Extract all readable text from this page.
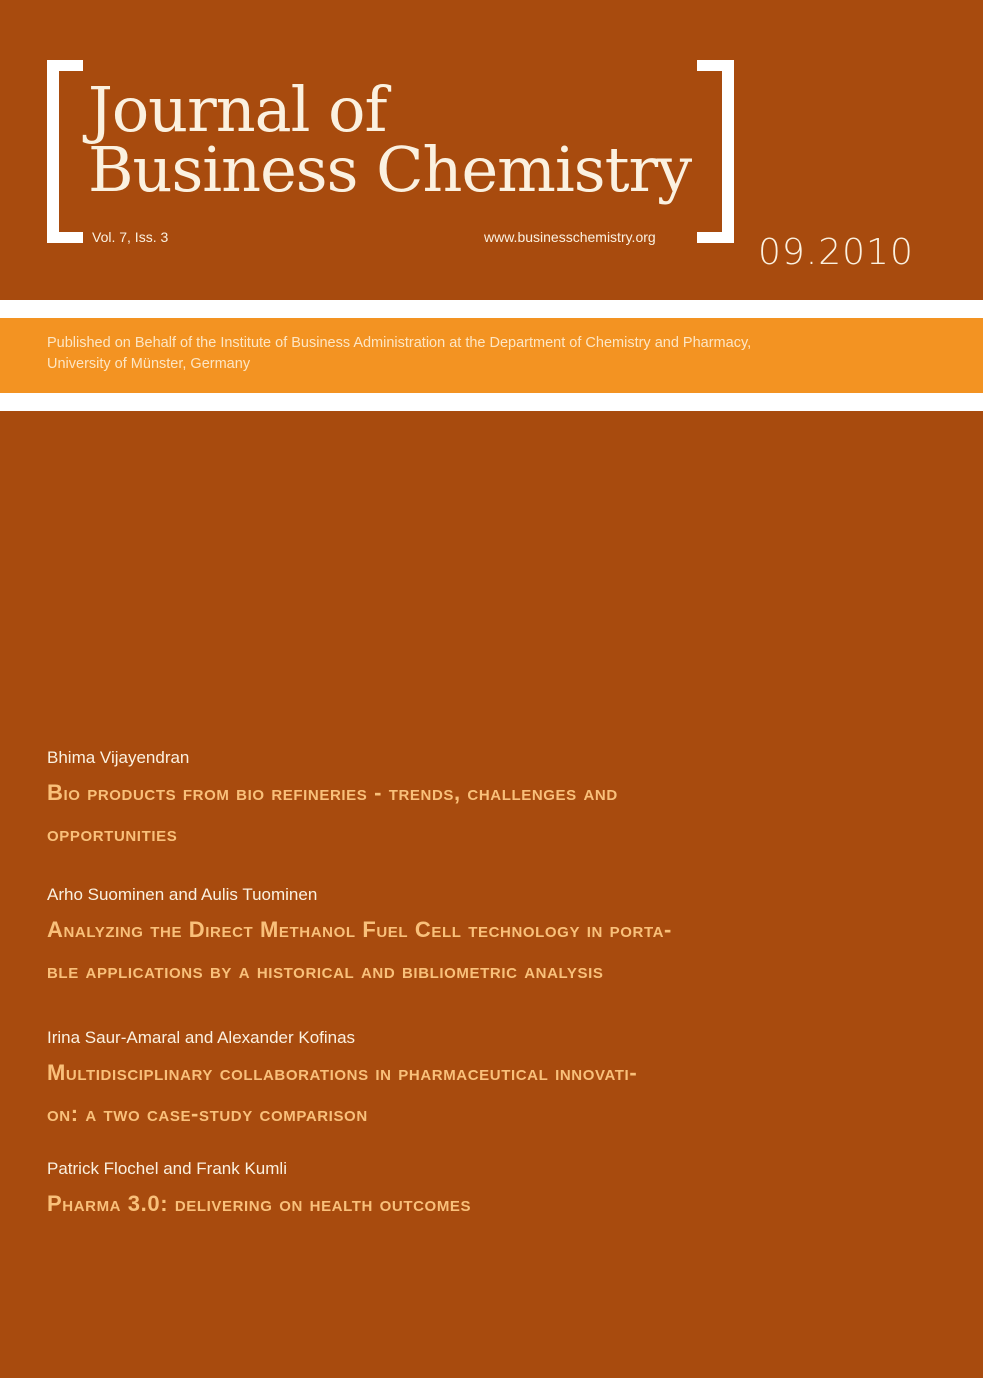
Journal of
Business Chemistry
Vol. 7, Iss. 3	www.businesschemistry.org	09.2010
Published on Behalf of the Institute of Business Administration at the Department of Chemistry and Pharmacy,
University of Münster, Germany
Bhima Vijayendran
Bio products from bio refineries - trends, challenges and
opportunities
Arho Suominen and Aulis Tuominen
Analyzing the Direct Methanol Fuel Cell technology in porta-
ble applications by a historical and bibliometric analysis
Irina Saur-Amaral and Alexander Kofinas
Multidisciplinary collaborations in pharmaceutical innovati-
on: a two case-study comparison
Patrick Flochel and Frank Kumli
Pharma 3.0: delivering on health outcomes
